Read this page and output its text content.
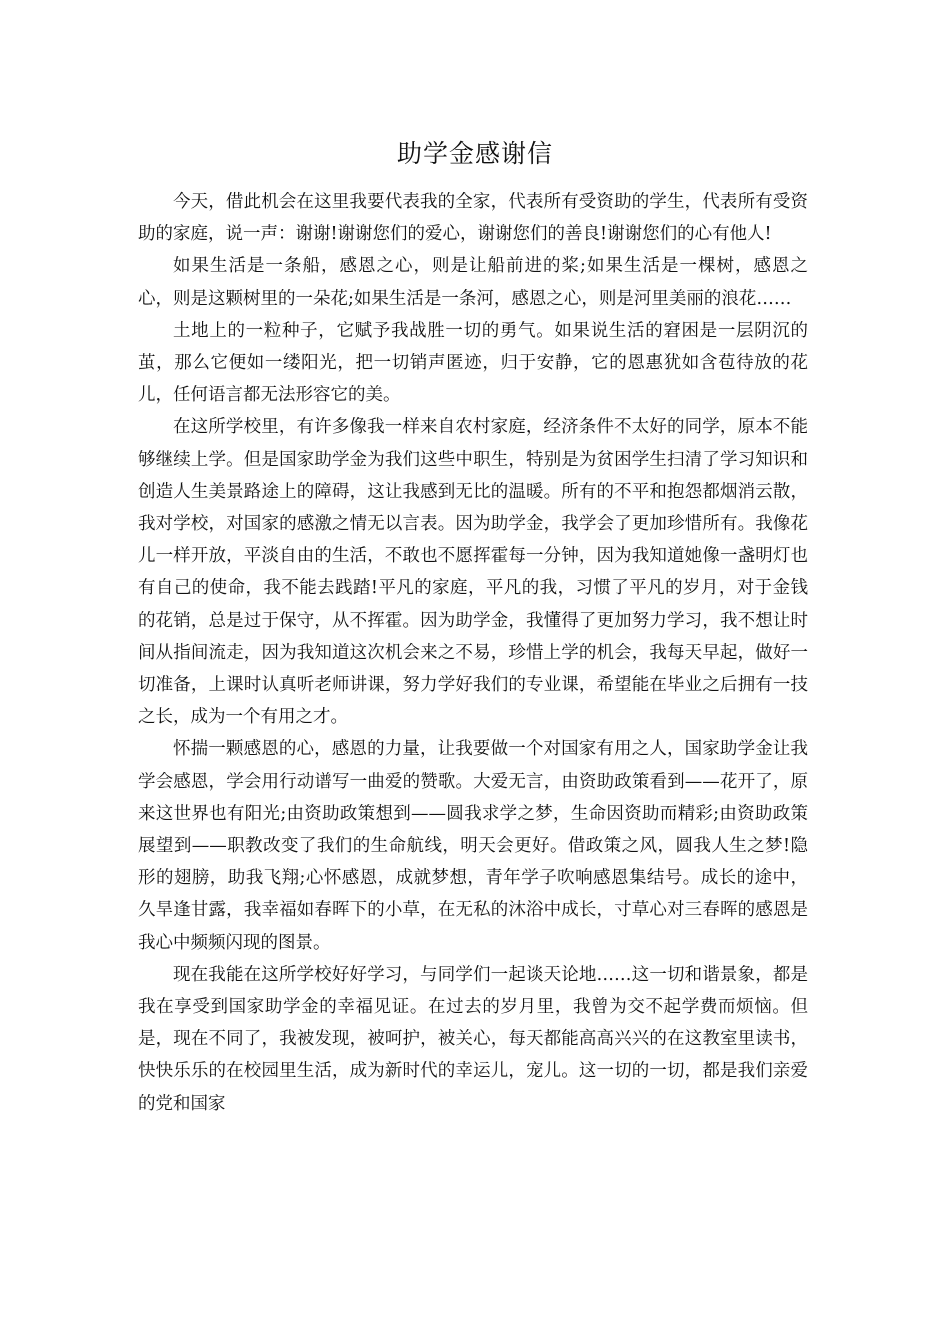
助学金感谢信

今天，借此机会在这里我要代表我的全家，代表所有受资助的学生，代表所有受资助的家庭，说一声：谢谢!谢谢您们的爱心，谢谢您们的善良!谢谢您们的心有他人!

如果生活是一条船，感恩之心，则是让船前进的桨;如果生活是一棵树，感恩之心，则是这颗树里的一朵花;如果生活是一条河，感恩之心，则是河里美丽的浪花……

土地上的一粒种子，它赋予我战胜一切的勇气。如果说生活的窘困是一层阴沉的茧，那么它便如一缕阳光，把一切销声匿迹，归于安静，它的恩惠犹如含苞待放的花儿，任何语言都无法形容它的美。

在这所学校里，有许多像我一样来自农村家庭，经济条件不太好的同学，原本不能够继续上学。但是国家助学金为我们这些中职生，特别是为贫困学生扫清了学习知识和创造人生美景路途上的障碍，这让我感到无比的温暖。所有的不平和抱怨都烟消云散，我对学校，对国家的感激之情无以言表。因为助学金，我学会了更加珍惜所有。我像花儿一样开放，平淡自由的生活，不敢也不愿挥霍每一分钟，因为我知道她像一盏明灯也有自己的使命，我不能去践踏!平凡的家庭，平凡的我，习惯了平凡的岁月，对于金钱的花销，总是过于保守，从不挥霍。因为助学金，我懂得了更加努力学习，我不想让时间从指间流走，因为我知道这次机会来之不易，珍惜上学的机会，我每天早起，做好一切准备，上课时认真听老师讲课，努力学好我们的专业课，希望能在毕业之后拥有一技之长，成为一个有用之才。

怀揣一颗感恩的心，感恩的力量，让我要做一个对国家有用之人，国家助学金让我学会感恩，学会用行动谱写一曲爱的赞歌。大爱无言，由资助政策看到——花开了，原来这世界也有阳光;由资助政策想到——圆我求学之梦，生命因资助而精彩;由资助政策展望到——职教改变了我们的生命航线，明天会更好。借政策之风，圆我人生之梦!隐形的翅膀，助我飞翔;心怀感恩，成就梦想，青年学子吹响感恩集结号。成长的途中，久旱逢甘露，我幸福如春晖下的小草，在无私的沐浴中成长，寸草心对三春晖的感恩是我心中频频闪现的图景。

现在我能在这所学校好好学习，与同学们一起谈天论地……这一切和谐景象，都是我在享受到国家助学金的幸福见证。在过去的岁月里，我曾为交不起学费而烦恼。但是，现在不同了，我被发现，被呵护，被关心，每天都能高高兴兴的在这教室里读书，快快乐乐的在校园里生活，成为新时代的幸运儿，宠儿。这一切的一切，都是我们亲爱的党和国家
